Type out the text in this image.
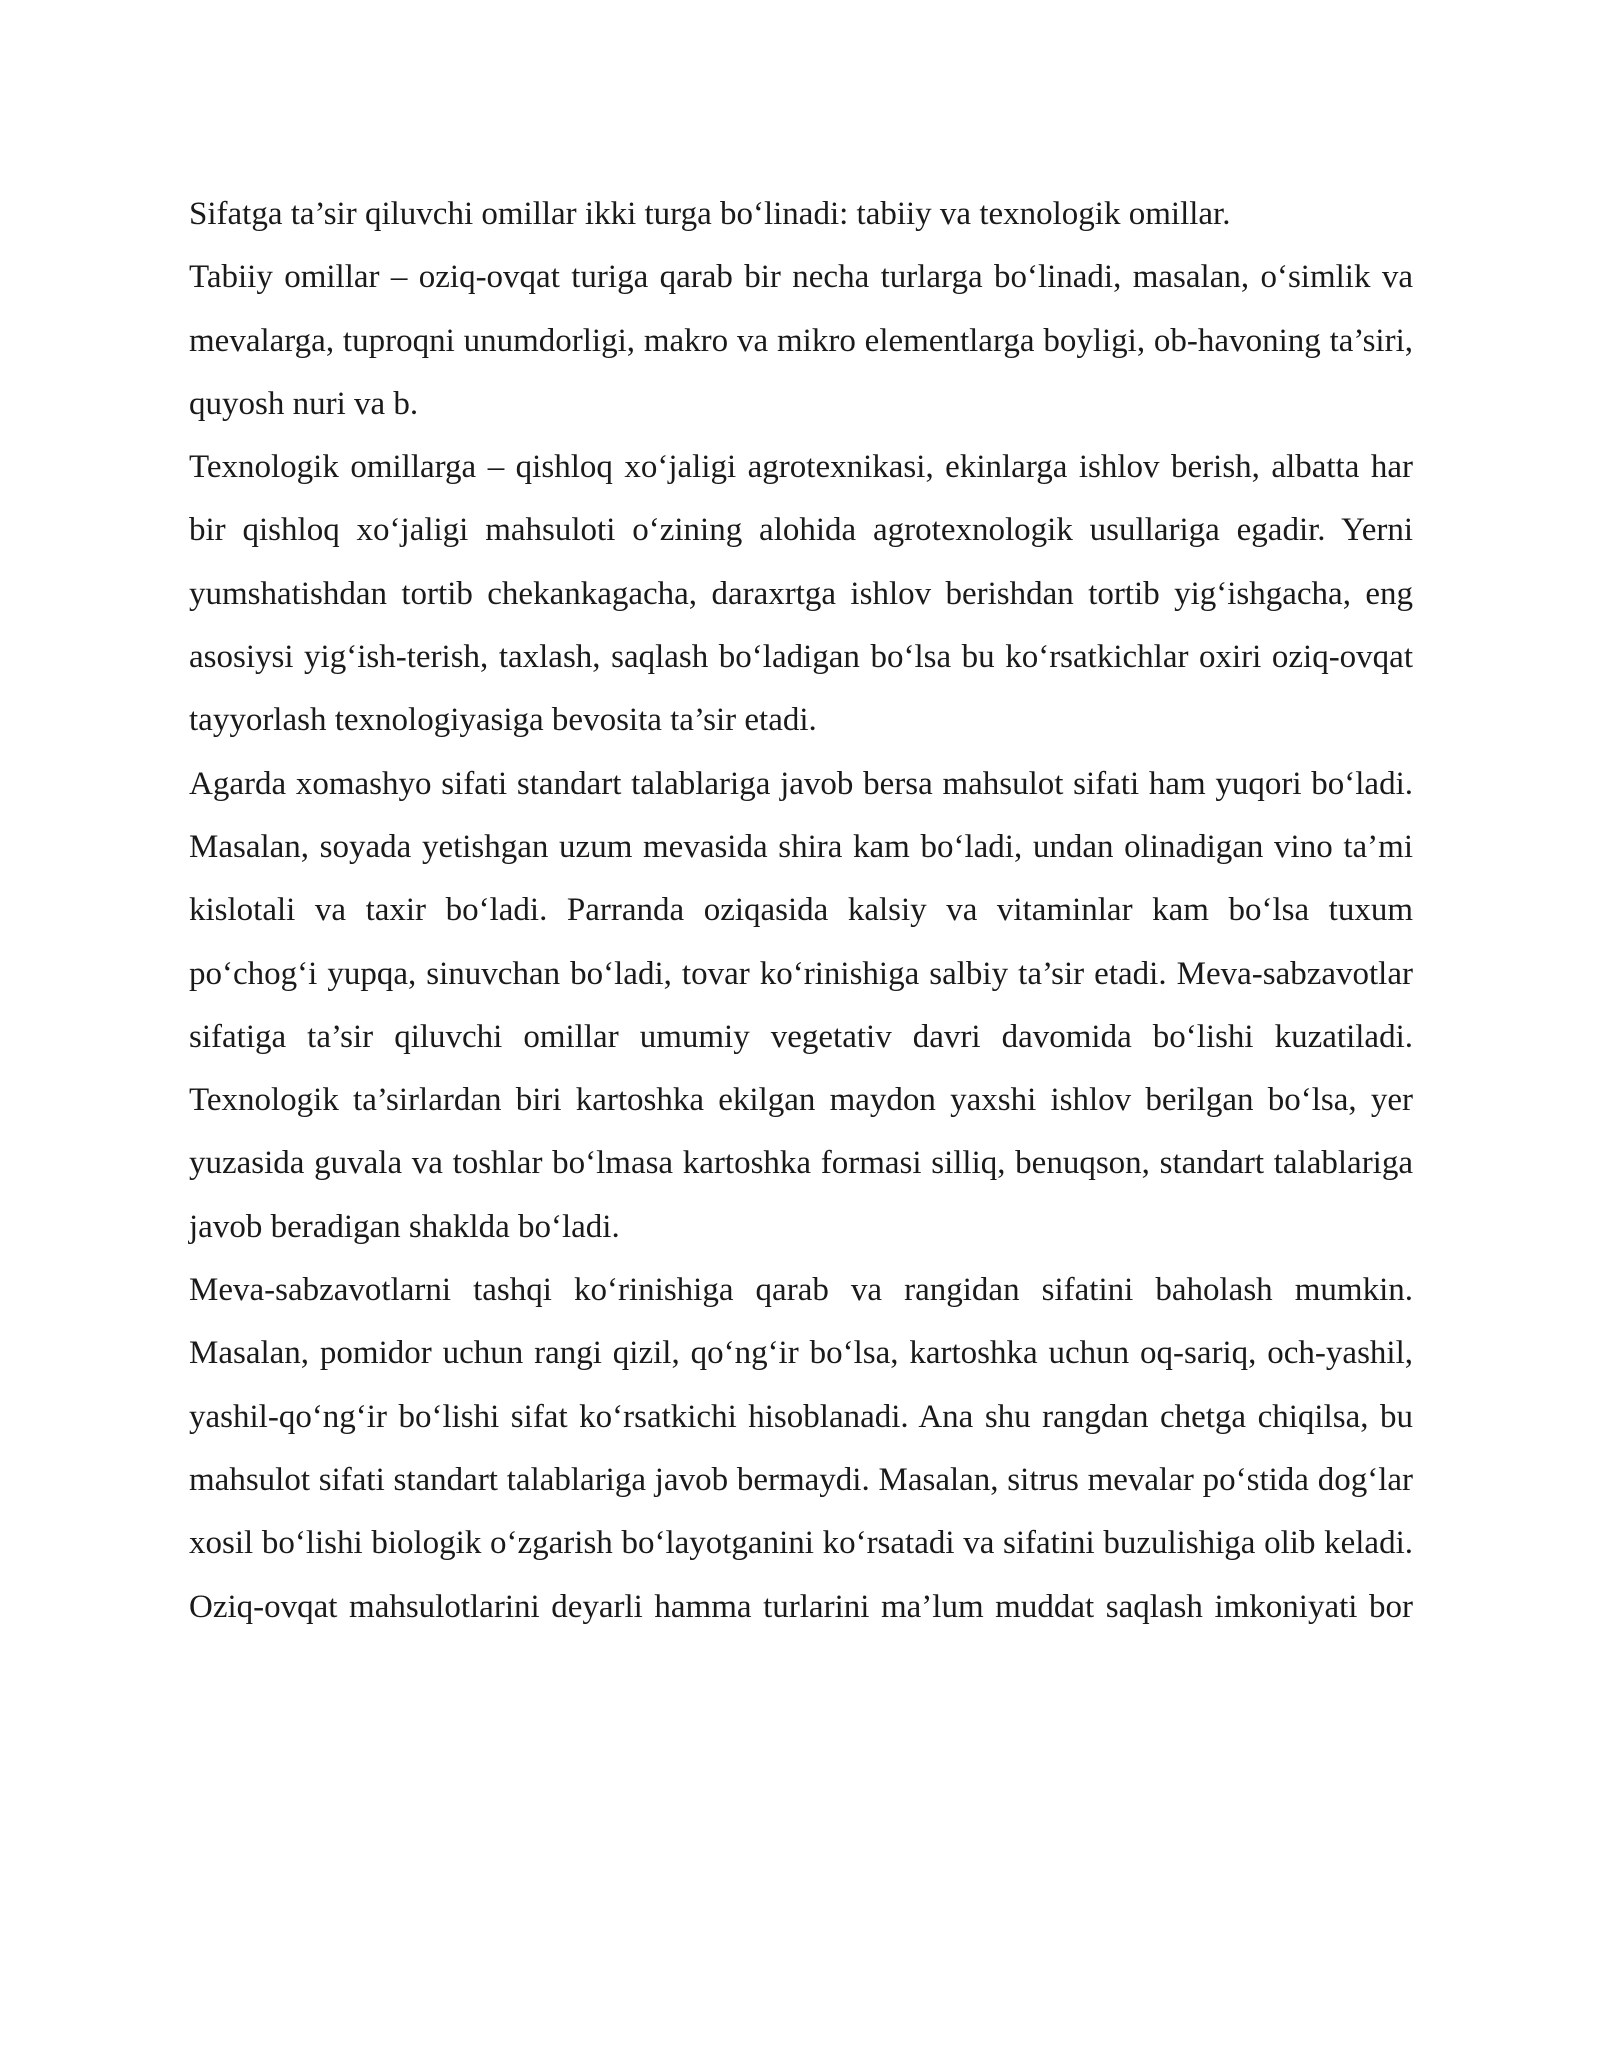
Sifatga ta’sir qiluvchi omillar ikki turga bo‘linadi: tabiiy va texnologik omillar.

Tabiiy omillar – oziq-ovqat turiga qarab bir necha turlarga bo‘linadi, masalan, o‘simlik va mevalarga, tuproqni unumdorligi, makro va mikro elementlarga boyligi, ob-havoning ta’siri, quyosh nuri va b.

Texnologik omillarga – qishloq xo‘jaligi agrotexnikasi, ekinlarga ishlov berish, albatta har bir qishloq xo‘jaligi mahsuloti o‘zining alohida agrotexnologik usullariga egadir. Yerni yumshatishdan tortib chekankagacha, daraxrtga ishlov berishdan tortib yig‘ishgacha, eng asosiysi yig‘ish-terish, taxlash, saqlash bo‘ladigan bo‘lsa bu ko‘rsatkichlar oxiri oziq-ovqat tayyorlash texnologiyasiga bevosita ta’sir etadi.

Agarda xomashyo sifati standart talablariga javob bersa mahsulot sifati ham yuqori bo‘ladi. Masalan, soyada yetishgan uzum mevasida shira kam bo‘ladi, undan olinadigan vino ta’mi kislotali va taxir bo‘ladi. Parranda oziqasida kalsiy va vitaminlar kam bo‘lsa tuxum po‘chog‘i yupqa, sinuvchan bo‘ladi, tovar ko‘rinishiga salbiy ta’sir etadi. Meva-sabzavotlar sifatiga ta’sir qiluvchi omillar umumiy vegetativ davri davomida bo‘lishi kuzatiladi. Texnologik ta’sirlardan biri kartoshka ekilgan maydon yaxshi ishlov berilgan bo‘lsa, yer yuzasida guvala va toshlar bo‘lmasa kartoshka formasi silliq, benuqson, standart talablariga javob beradigan shaklda bo‘ladi.

Meva-sabzavotlarni tashqi ko‘rinishiga qarab va rangidan sifatini baholash mumkin. Masalan, pomidor uchun rangi qizil, qo‘ng‘ir bo‘lsa, kartoshka uchun oq-sariq, och-yashil, yashil-qo‘ng‘ir bo‘lishi sifat ko‘rsatkichi hisoblanadi. Ana shu rangdan chetga chiqilsa, bu mahsulot sifati standart talablariga javob bermaydi. Masalan, sitrus mevalar po‘stida dog‘lar xosil bo‘lishi biologik o‘zgarish bo‘layotganini ko‘rsatadi va sifatini buzulishiga olib keladi. Oziq-ovqat mahsulotlarini deyarli hamma turlarini ma’lum muddat saqlash imkoniyati bor
